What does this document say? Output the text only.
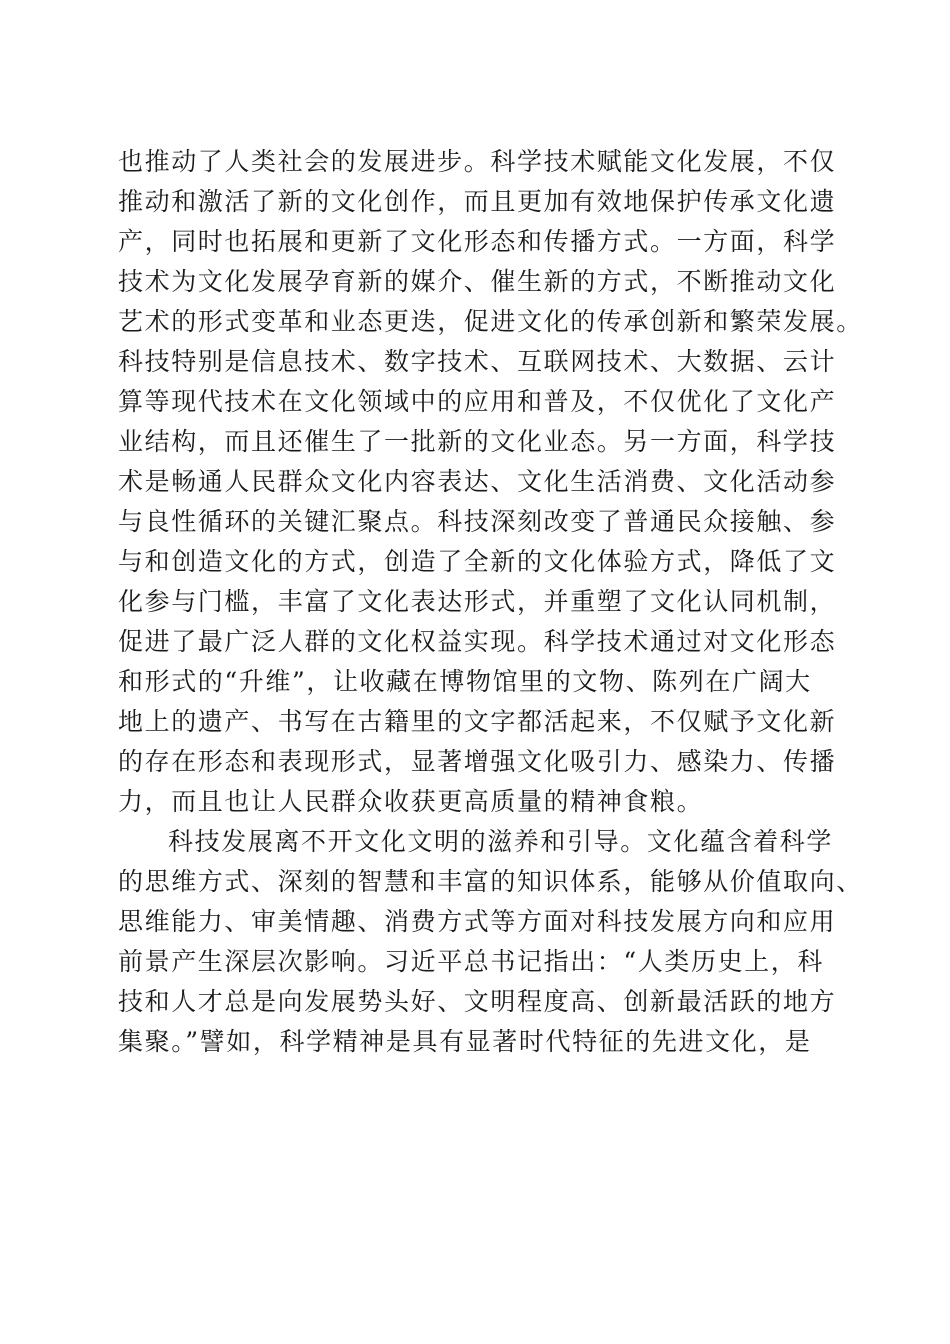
也推动了人类社会的发展进步。科学技术赋能文化发展，不仅
推动和激活了新的文化创作，而且更加有效地保护传承文化遗
产，同时也拓展和更新了文化形态和传播方式。一方面，科学
技术为文化发展孕育新的媒介、催生新的方式，不断推动文化
艺术的形式变革和业态更迭，促进文化的传承创新和繁荣发展。
科技特别是信息技术、数字技术、互联网技术、大数据、云计
算等现代技术在文化领域中的应用和普及，不仅优化了文化产
业结构，而且还催生了一批新的文化业态。另一方面，科学技
术是畅通人民群众文化内容表达、文化生活消费、文化活动参
与良性循环的关键汇聚点。科技深刻改变了普通民众接触、参
与和创造文化的方式，创造了全新的文化体验方式，降低了文
化参与门槛，丰富了文化表达形式，并重塑了文化认同机制，
促进了最广泛人群的文化权益实现。科学技术通过对文化形态
和形式的“升维”，让收藏在博物馆里的文物、陈列在广阔大
地上的遗产、书写在古籍里的文字都活起来，不仅赋予文化新
的存在形态和表现形式，显著增强文化吸引力、感染力、传播
力，而且也让人民群众收获更高质量的精神食粮。
科技发展离不开文化文明的滋养和引导。文化蕴含着科学
的思维方式、深刻的智慧和丰富的知识体系，能够从价值取向、
思维能力、审美情趣、消费方式等方面对科技发展方向和应用
前景产生深层次影响。习近平总书记指出：“人类历史上，科
技和人才总是向发展势头好、文明程度高、创新最活跃的地方
集聚。”譬如，科学精神是具有显著时代特征的先进文化，是
